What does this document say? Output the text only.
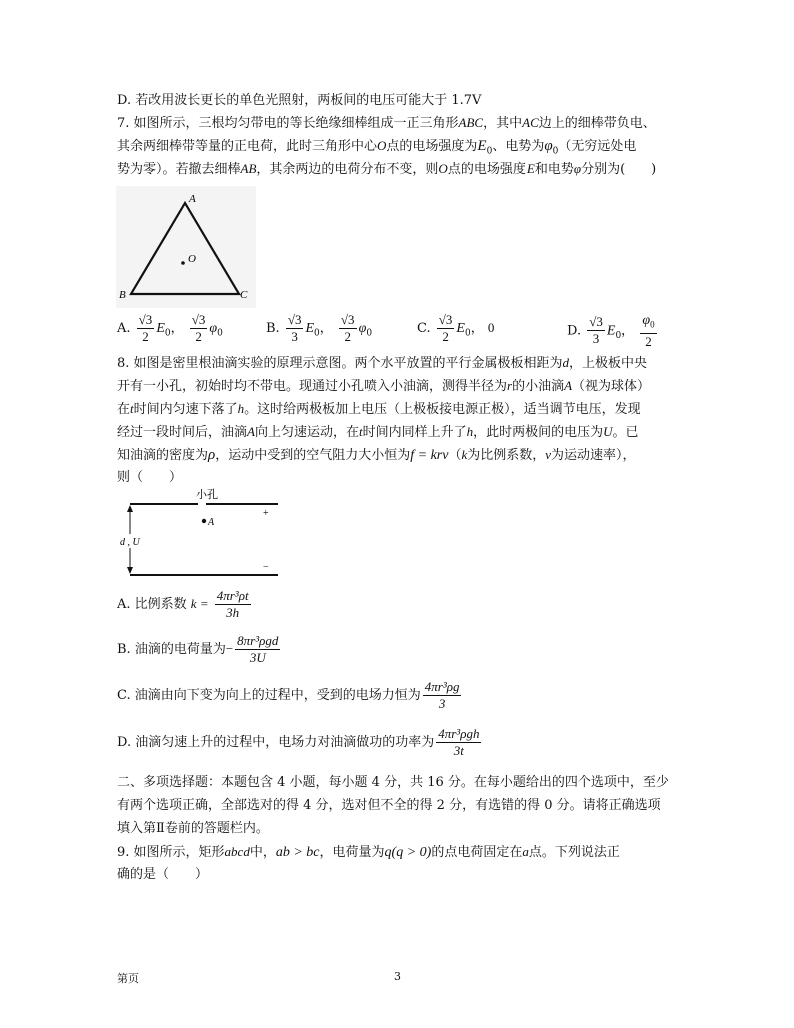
D. 若改用波长更长的单色光照射，两板间的电压可能大于 1.7V
7. 如图所示，三根均匀带电的等长绝缘细棒组成一正三角形ABC，其中AC边上的细棒带负电、
其余两细棒带等量的正电荷，此时三角形中心O点的电场强度为$E_0$、电势为$\varphi_0$（无穷远处电
势为零）。若撤去细棒AB，其余两边的电荷分布不变，则O点的电场强度 E和电势φ分别为(　　)
A
B	C
O
A. $\frac{√3}{2} E_0$， $\frac{√3}{2} \varphi_0$	B. $\frac{√3}{3} E_0$， $\frac{√3}{2} \varphi_0$	C. $\frac{√3}{2} E_0$， 0	D. $\frac{√3}{3} E_0$， $\frac{\varphi_0}{2}$
8. 如图是密里根油滴实验的原理示意图。两个水平放置的平行金属极板相距为d，上极板中央
开有一小孔，初始时均不带电。现通过小孔喷入小油滴，测得半径为r的小油滴A（视为球体）
在t时间内匀速下落了h。这时给两极板加上电压（上极板接电源正极），适当调节电压，发现
经过一段时间后，油滴A向上匀速运动，在t时间内同样上升了h，此时两极间的电压为U。已
知油滴的密度为ρ，运动中受到的空气阻力大小恒为f = krv（k为比例系数，v为运动速率），
则（　　）
小孔
A
+
−
d , U
A. 比例系数 $k = \frac{\text{4πr³ρt}}{3h}$
B. 油滴的电荷量为− $\frac{\text{8πr³ρgd}}{3U}$
C. 油滴由向下变为向上的过程中，受到的电场力恒为 $\frac{\text{4πr³ρg}}{3}$
D. 油滴匀速上升的过程中，电场力对油滴做功的功率为 $\frac{\text{4πr³ρgh}}{3t}$
二、多项选择题：本题包含 4 小题，每小题 4 分，共 16 分。在每小题给出的四个选项中，至少
有两个选项正确，全部选对的得 4 分，选对但不全的得 2 分，有选错的得 0 分。请将正确选项
填入第Ⅱ卷前的答题栏内。
9. 如图所示，矩形abcd中，ab > bc，电荷量为q(q > 0)的点电荷固定在a点。下列说法正
确的是（　　）
第页	3
